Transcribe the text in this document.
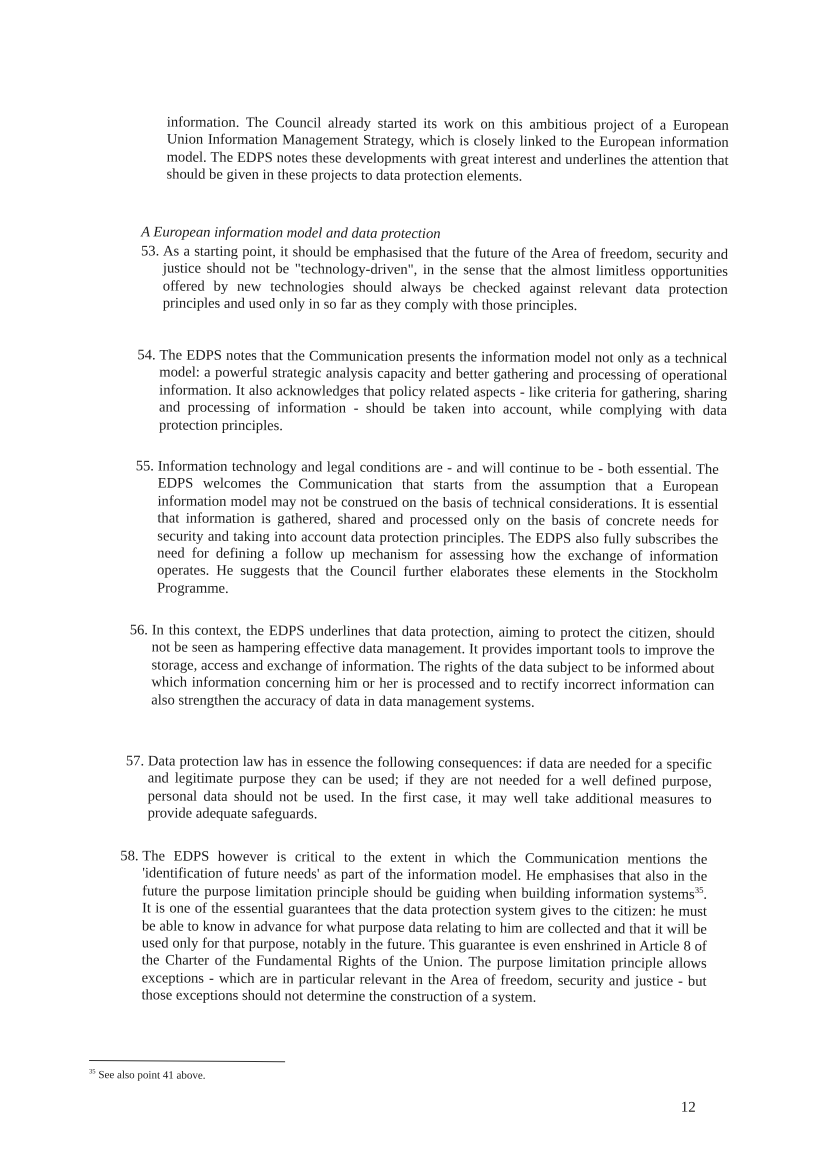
information. The Council already started its work on this ambitious project of a European Union Information Management Strategy, which is closely linked to the European information model. The EDPS notes these developments with great interest and underlines the attention that should be given in these projects to data protection elements.

A European information model and data protection

53. As a starting point, it should be emphasised that the future of the Area of freedom, security and justice should not be "technology-driven", in the sense that the almost limitless opportunities offered by new technologies should always be checked against relevant data protection principles and used only in so far as they comply with those principles.
54. The EDPS notes that the Communication presents the information model not only as a technical model: a powerful strategic analysis capacity and better gathering and processing of operational information. It also acknowledges that policy related aspects - like criteria for gathering, sharing and processing of information - should be taken into account, while complying with data protection principles.
55. Information technology and legal conditions are - and will continue to be - both essential. The EDPS welcomes the Communication that starts from the assumption that a European information model may not be construed on the basis of technical considerations. It is essential that information is gathered, shared and processed only on the basis of concrete needs for security and taking into account data protection principles. The EDPS also fully subscribes the need for defining a follow up mechanism for assessing how the exchange of information operates. He suggests that the Council further elaborates these elements in the Stockholm Programme.
56. In this context, the EDPS underlines that data protection, aiming to protect the citizen, should not be seen as hampering effective data management. It provides important tools to improve the storage, access and exchange of information. The rights of the data subject to be informed about which information concerning him or her is processed and to rectify incorrect information can also strengthen the accuracy of data in data management systems.
57. Data protection law has in essence the following consequences: if data are needed for a specific and legitimate purpose they can be used; if they are not needed for a well defined purpose, personal data should not be used. In the first case, it may well take additional measures to provide adequate safeguards.
58. The EDPS however is critical to the extent in which the Communication mentions the 'identification of future needs' as part of the information model. He emphasises that also in the future the purpose limitation principle should be guiding when building information systems$^{35}$. It is one of the essential guarantees that the data protection system gives to the citizen: he must be able to know in advance for what purpose data relating to him are collected and that it will be used only for that purpose, notably in the future. This guarantee is even enshrined in Article 8 of the Charter of the Fundamental Rights of the Union. The purpose limitation principle allows exceptions - which are in particular relevant in the Area of freedom, security and justice - but those exceptions should not determine the construction of a system.
$^{35}$ See also point 41 above.
12
